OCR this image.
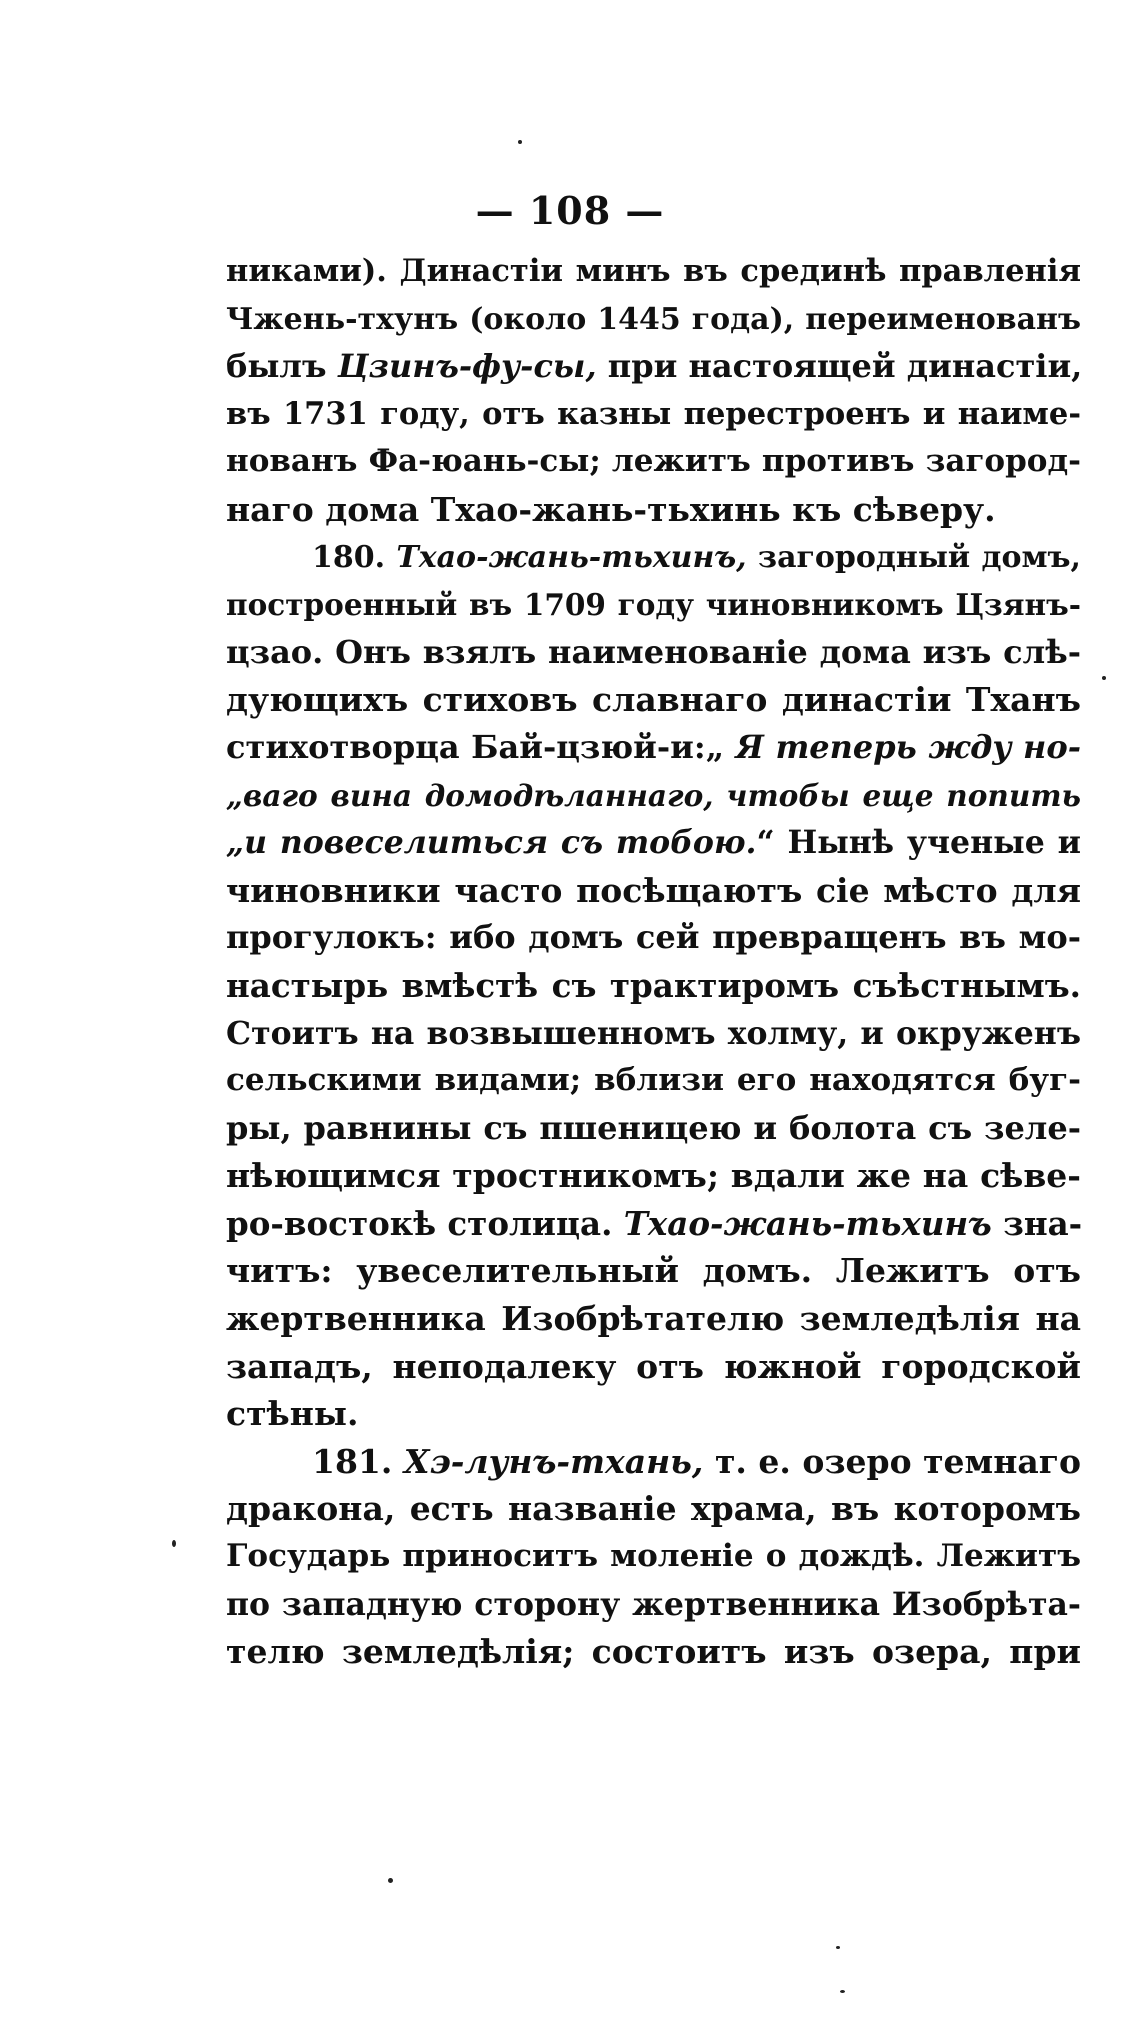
— 108 —
никами). Династіи минъ въ срединѣ правленія
Чжень-тхунъ (около 1445 года), переименованъ
былъ Цзинъ-фу-сы, при настоящей династіи,
въ 1731 году, отъ казны перестроенъ и наиме-
нованъ Фа-юань-сы; лежитъ противъ загород-
наго дома Тхао-жань-тьхинь къ сѣверу.
180. Тхао-жань-тьхинъ, загородный домъ,
построенный въ 1709 году чиновникомъ Цзянъ-
цзао. Онъ взялъ наименованіе дома изъ слѣ-
дующихъ стиховъ славнаго династіи Тханъ
стихотворца Бай-цзюй-и:„ Я теперь жду но-
„ваго вина домодѣланнаго, чтобы еще попить
„и повеселиться съ тобою.“ Нынѣ ученые и
чиновники часто посѣщаютъ сіе мѣсто для
прогулокъ: ибо домъ сей превращенъ въ мо-
настырь вмѣстѣ съ трактиромъ съѣстнымъ.
Стоитъ на возвышенномъ холму, и окруженъ
сельскими видами; вблизи его находятся буг-
ры, равнины съ пшеницею и болота съ зеле-
нѣющимся тростникомъ; вдали же на сѣве-
ро-востокѣ столица. Тхао-жань-тьхинъ зна-
читъ: увеселительный домъ. Лежитъ отъ
жертвенника Изобрѣтателю земледѣлія на
западъ, неподалеку отъ южной городской
стѣны.
181. Хэ-лунъ-тхань, т. е. озеро темнаго
дракона, есть названіе храма, въ которомъ
Государь приноситъ моленіе о дождѣ. Лежитъ
по западную сторону жертвенника Изобрѣта-
телю земледѣлія; состоитъ изъ озера, при
